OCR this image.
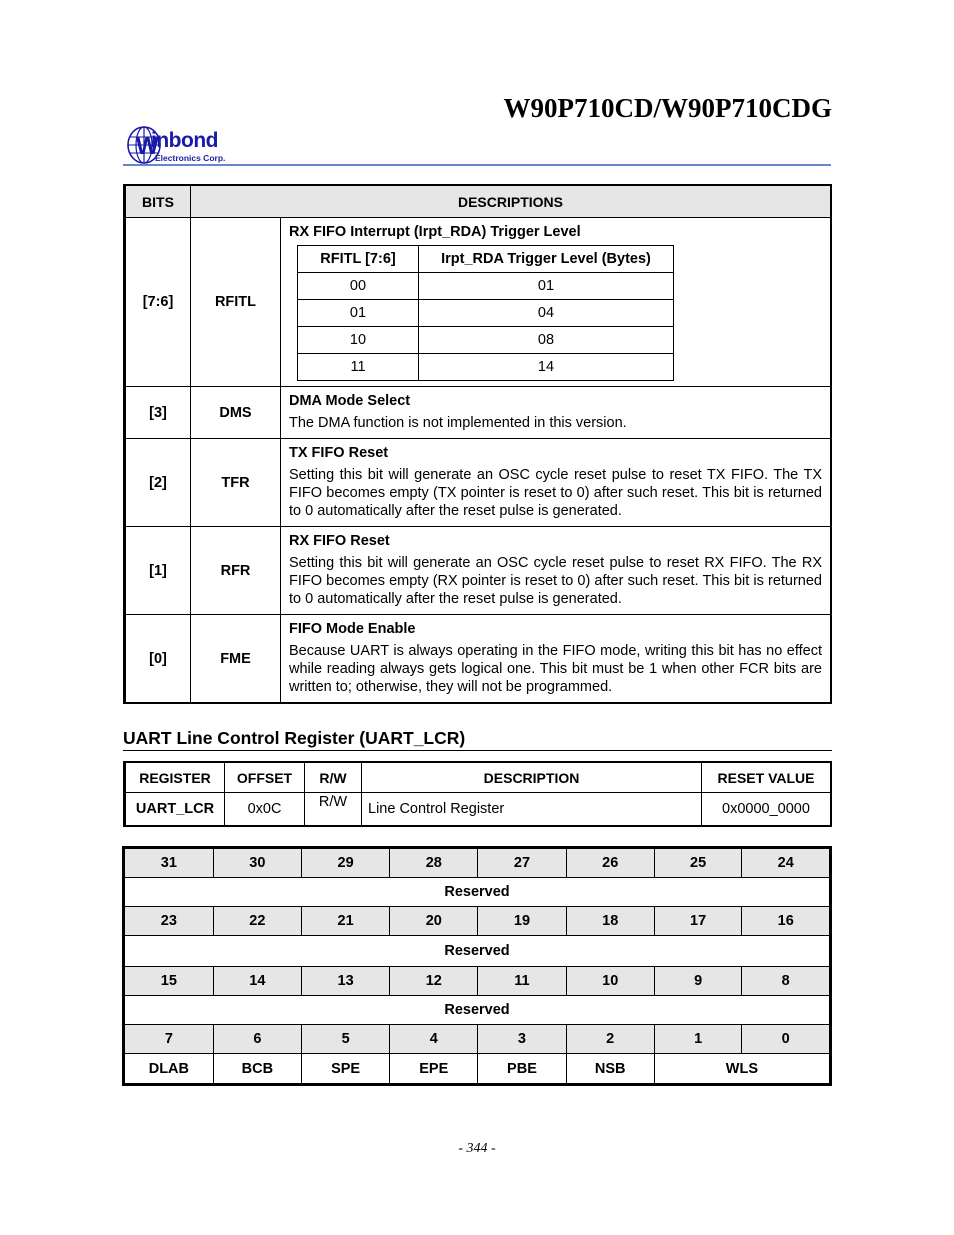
W90P710CD/W90P710CDG
W
inbond
Electronics Corp.
BITS	DESCRIPTIONS
[7:6]	RFITL	
RX FIFO Interrupt (Irpt_RDA) Trigger Level
RFITL [7:6]	Irpt_RDA Trigger Level (Bytes)
00	01
01	04
10	08
11	14

[3]	DMS	
DMA Mode Select
The DMA function is not implemented in this version.

[2]	TFR	
TX FIFO Reset
Setting this bit will generate an OSC cycle reset pulse to reset TX FIFO. The TX FIFO becomes empty (TX pointer is reset to 0) after such reset. This bit is returned to 0 automatically after the reset pulse is generated.

[1]	RFR	
RX FIFO Reset
Setting this bit will generate an OSC cycle reset pulse to reset RX FIFO. The RX FIFO becomes empty (RX pointer is reset to 0) after such reset. This bit is returned to 0 automatically after the reset pulse is generated.

[0]	FME	
FIFO Mode Enable
Because UART is always operating in the FIFO mode, writing this bit has no effect while reading always gets logical one. This bit must be 1 when other FCR bits are written to; otherwise, they will not be programmed.
UART Line Control Register (UART_LCR)
REGISTER	OFFSET	R/W	DESCRIPTION	RESET VALUE
UART_LCR	0x0C	R/W	Line Control Register	0x0000_0000
31	30	29	28	27	26	25	24
Reserved							
23	22	21	20	19	18	17	16
Reserved							
15	14	13	12	11	10	9	8
Reserved							
7	6	5	4	3	2	1	0
DLAB	BCB	SPE	EPE	PBE	NSB	WLS	
- 344 -
